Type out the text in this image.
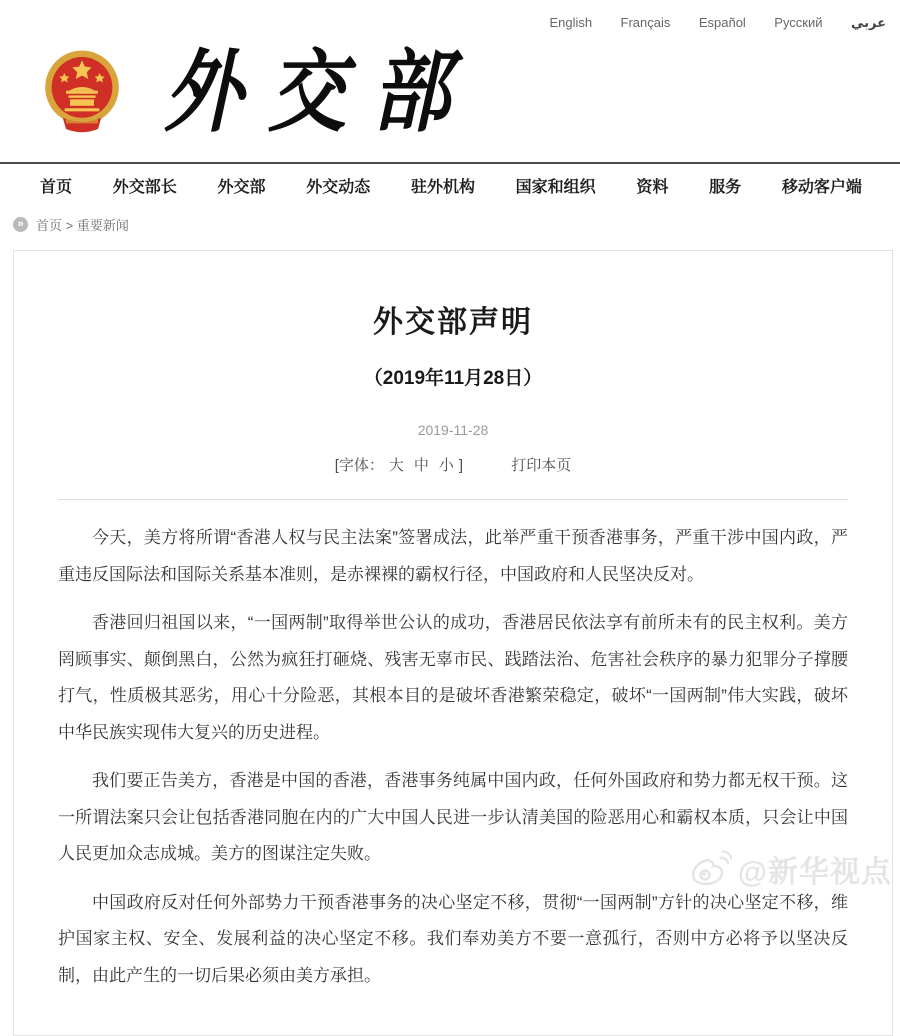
English Français Español Русский عربي
外交部
首页	外交部长	外交部	外交动态	驻外机构	国家和组织	资料	服务	移动客户端
» 首页 > 重要新闻
外交部声明
（2019年11月28日）
2019-11-28
[字体： 大 中 小 ]	打印本页

今天，美方将所谓“香港人权与民主法案”签署成法，此举严重干预香港事务，严重干涉中国内政，严重违反国际法和国际关系基本准则，是赤裸裸的霸权行径，中国政府和人民坚决反对。

香港回归祖国以来，“一国两制”取得举世公认的成功，香港居民依法享有前所未有的民主权利。美方罔顾事实、颠倒黑白，公然为疯狂打砸烧、残害无辜市民、践踏法治、危害社会秩序的暴力犯罪分子撑腰打气，性质极其恶劣，用心十分险恶，其根本目的是破坏香港繁荣稳定，破坏“一国两制”伟大实践，破坏中华民族实现伟大复兴的历史进程。

我们要正告美方，香港是中国的香港，香港事务纯属中国内政，任何外国政府和势力都无权干预。这一所谓法案只会让包括香港同胞在内的广大中国人民进一步认清美国的险恶用心和霸权本质，只会让中国人民更加众志成城。美方的图谋注定失败。

中国政府反对任何外部势力干预香港事务的决心坚定不移，贯彻“一国两制”方针的决心坚定不移，维护国家主权、安全、发展利益的决心坚定不移。我们奉劝美方不要一意孤行，否则中方必将予以坚决反制，由此产生的一切后果必须由美方承担。

@新华视点
